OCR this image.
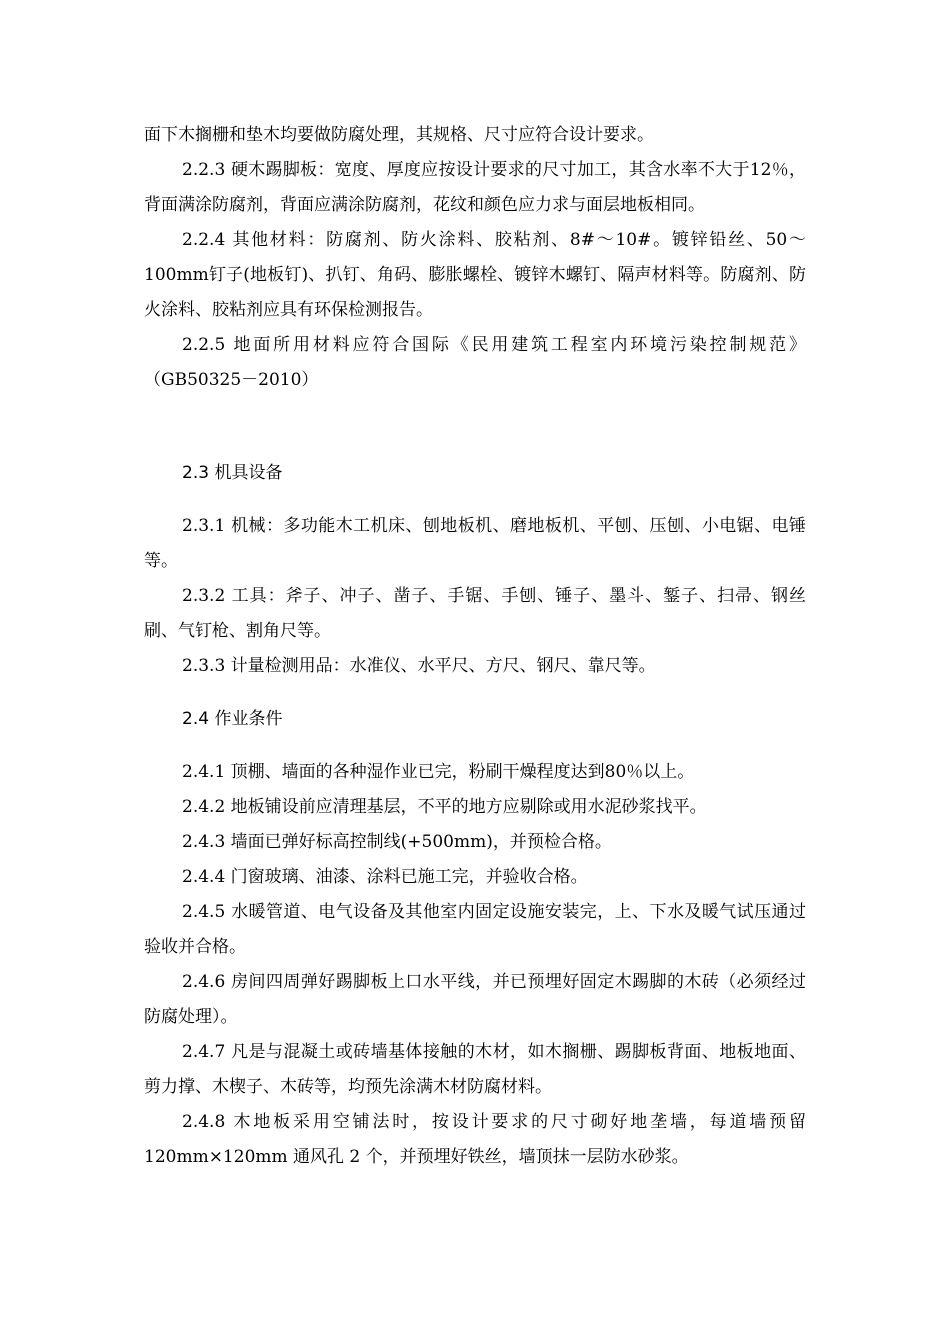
面下木搁栅和垫木均要做防腐处理，其规格、尺寸应符合设计要求。

2.2.3 硬木踢脚板：宽度、厚度应按设计要求的尺寸加工，其含水率不大于12％，背面满涂防腐剂，背面应满涂防腐剂，花纹和颜色应力求与面层地板相同。

2.2.4 其他材料：防腐剂、防火涂料、胶粘剂、8#～10#。镀锌铅丝、50～100mm钉子(地板钉)、扒钉、角码、膨胀螺栓、镀锌木螺钉、隔声材料等。防腐剂、防火涂料、胶粘剂应具有环保检测报告。

2.2.5 地面所用材料应符合国际《民用建筑工程室内环境污染控制规范》（GB50325－2010）

2.3 机具设备

2.3.1 机械：多功能木工机床、刨地板机、磨地板机、平刨、压刨、小电锯、电锤等。

2.3.2 工具：斧子、冲子、凿子、手锯、手刨、锤子、墨斗、錾子、扫帚、钢丝刷、气钉枪、割角尺等。

2.3.3 计量检测用品：水准仪、水平尺、方尺、钢尺、靠尺等。

2.4 作业条件

2.4.1 顶棚、墙面的各种湿作业已完，粉刷干燥程度达到80％以上。

2.4.2 地板铺设前应清理基层，不平的地方应剔除或用水泥砂浆找平。

2.4.3 墙面已弹好标高控制线(+500mm)，并预检合格。

2.4.4 门窗玻璃、油漆、涂料已施工完，并验收合格。

2.4.5 水暖管道、电气设备及其他室内固定设施安装完，上、下水及暖气试压通过验收并合格。

2.4.6 房间四周弹好踢脚板上口水平线，并已预埋好固定木踢脚的木砖（必须经过防腐处理）。

2.4.7 凡是与混凝土或砖墙基体接触的木材，如木搁栅、踢脚板背面、地板地面、剪力撑、木楔子、木砖等，均预先涂满木材防腐材料。

2.4.8 木地板采用空铺法时，按设计要求的尺寸砌好地垄墙，每道墙预留120mm×120mm 通风孔 2 个，并预埋好铁丝，墙顶抹一层防水砂浆。
